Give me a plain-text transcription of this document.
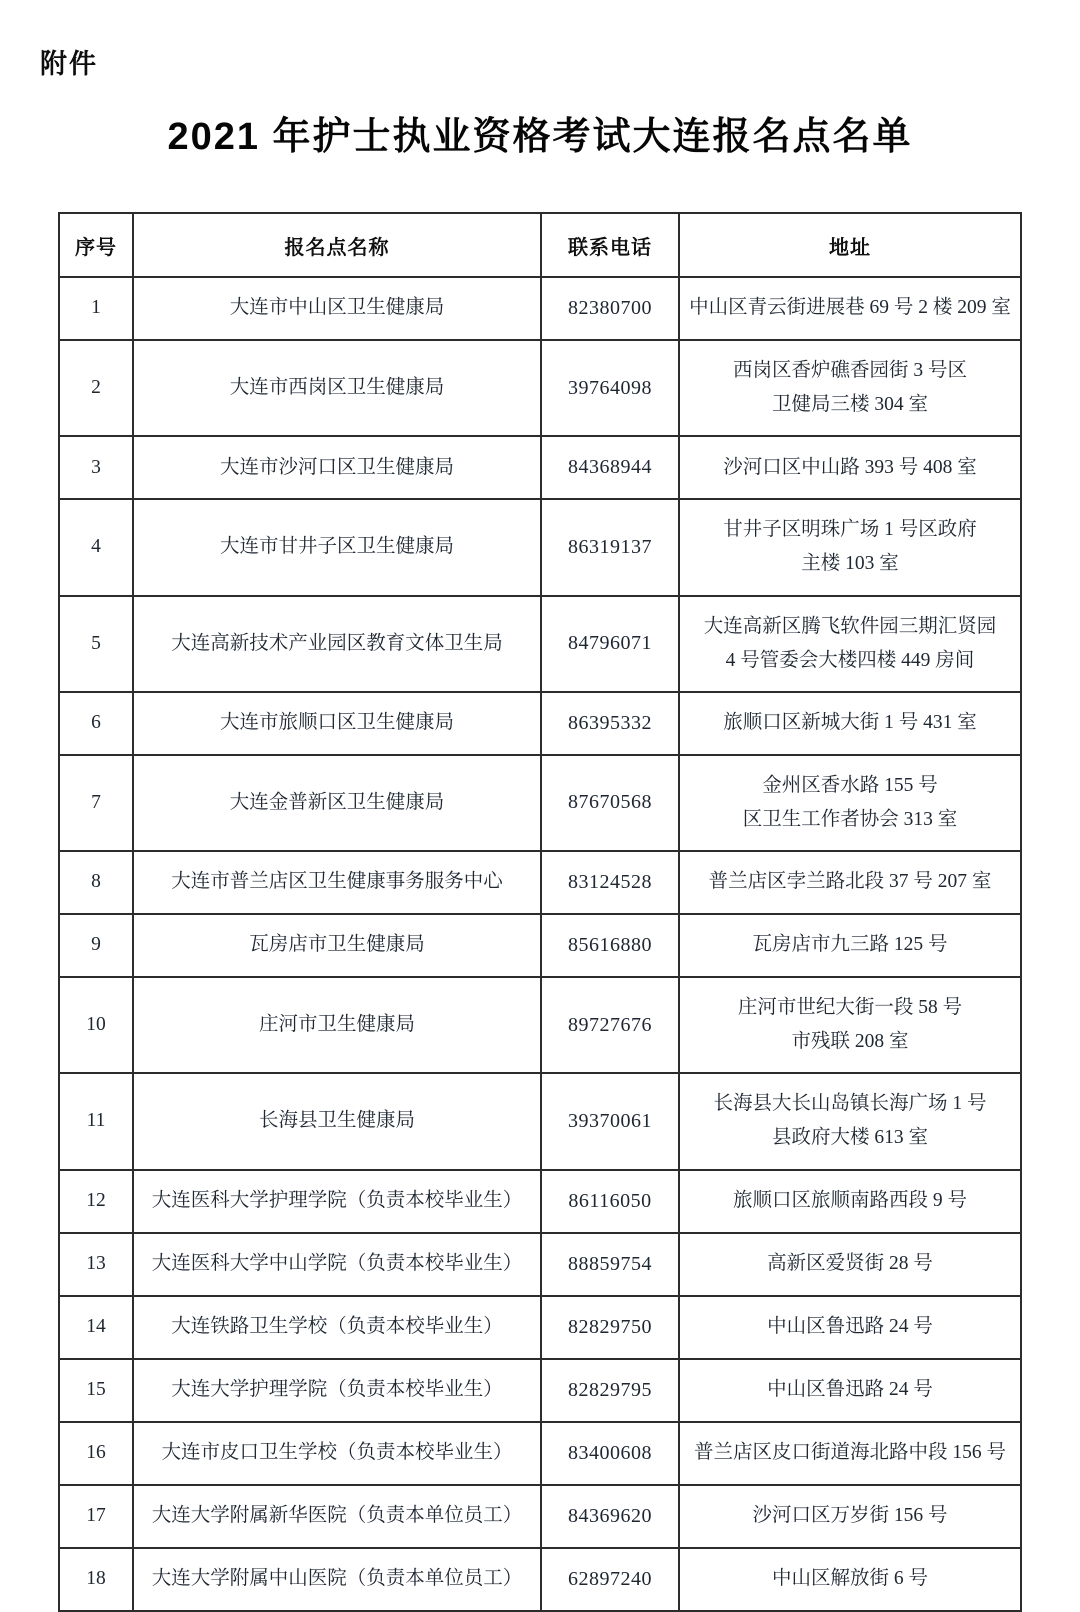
附件
2021 年护士执业资格考试大连报名点名单
序号	报名点名称	联系电话	地址
1	大连市中山区卫生健康局	82380700	中山区青云街进展巷 69 号 2 楼 209 室

2	大连市西岗区卫生健康局	39764098	西岗区香炉礁香园街 3 号区
卫健局三楼 304 室

3	大连市沙河口区卫生健康局	84368944	沙河口区中山路 393 号 408 室

4	大连市甘井子区卫生健康局	86319137	甘井子区明珠广场 1 号区政府
主楼 103 室

5	大连高新技术产业园区教育文体卫生局	84796071	大连高新区腾飞软件园三期汇贤园
4 号管委会大楼四楼 449 房间

6	大连市旅顺口区卫生健康局	86395332	旅顺口区新城大街 1 号 431 室

7	大连金普新区卫生健康局	87670568	金州区香水路 155 号
区卫生工作者协会 313 室

8	大连市普兰店区卫生健康事务服务中心	83124528	普兰店区孛兰路北段 37 号 207 室

9	瓦房店市卫生健康局	85616880	瓦房店市九三路 125 号

10	庄河市卫生健康局	89727676	庄河市世纪大街一段 58 号
市残联 208 室

11	长海县卫生健康局	39370061	长海县大长山岛镇长海广场 1 号
县政府大楼 613 室

12	大连医科大学护理学院（负责本校毕业生）	86116050	旅顺口区旅顺南路西段 9 号

13	大连医科大学中山学院（负责本校毕业生）	88859754	高新区爱贤街 28 号

14	大连铁路卫生学校（负责本校毕业生）	82829750	中山区鲁迅路 24 号

15	大连大学护理学院（负责本校毕业生）	82829795	中山区鲁迅路 24 号

16	大连市皮口卫生学校（负责本校毕业生）	83400608	普兰店区皮口街道海北路中段 156 号

17	大连大学附属新华医院（负责本单位员工）	84369620	沙河口区万岁街 156 号

18	大连大学附属中山医院（负责本单位员工）	62897240	中山区解放街 6 号
